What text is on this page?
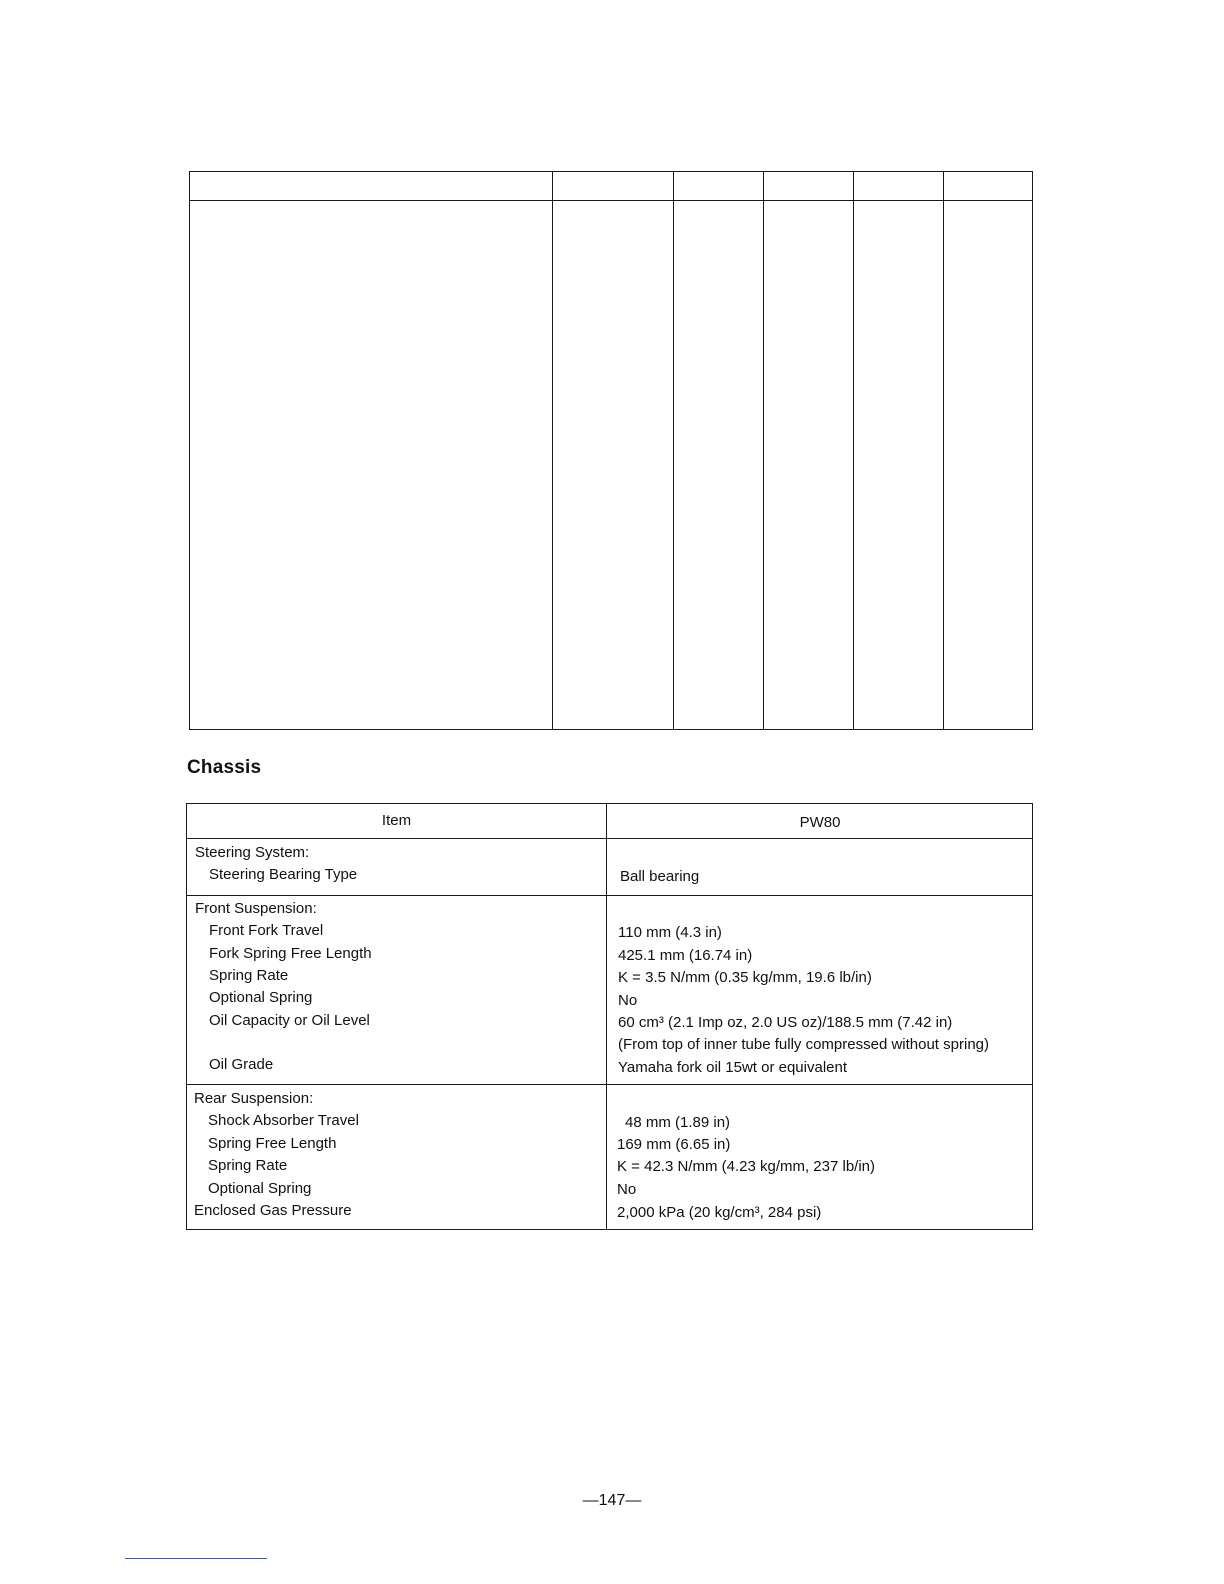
Chassis
Item	PW80
Steering System:
Steering Bearing Type	Ball bearing
Front Suspension:
Front Fork Travel
Fork Spring Free Length
Spring Rate
Optional Spring
Oil Capacity or Oil Level
Oil Grade
110 mm (4.3 in)
425.1 mm (16.74 in)
K = 3.5 N/mm (0.35 kg/mm, 19.6 lb/in)
No
60 cm³ (2.1 Imp oz, 2.0 US oz)/188.5 mm (7.42 in)
(From top of inner tube fully compressed without spring)
Yamaha fork oil 15wt or equivalent
Rear Suspension:
Shock Absorber Travel
Spring Free Length
Spring Rate
Optional Spring
Enclosed Gas Pressure
48 mm (1.89 in)
169 mm (6.65 in)
K = 42.3 N/mm (4.23 kg/mm, 237 lb/in)
No
2,000 kPa (20 kg/cm³, 284 psi)
—147—
